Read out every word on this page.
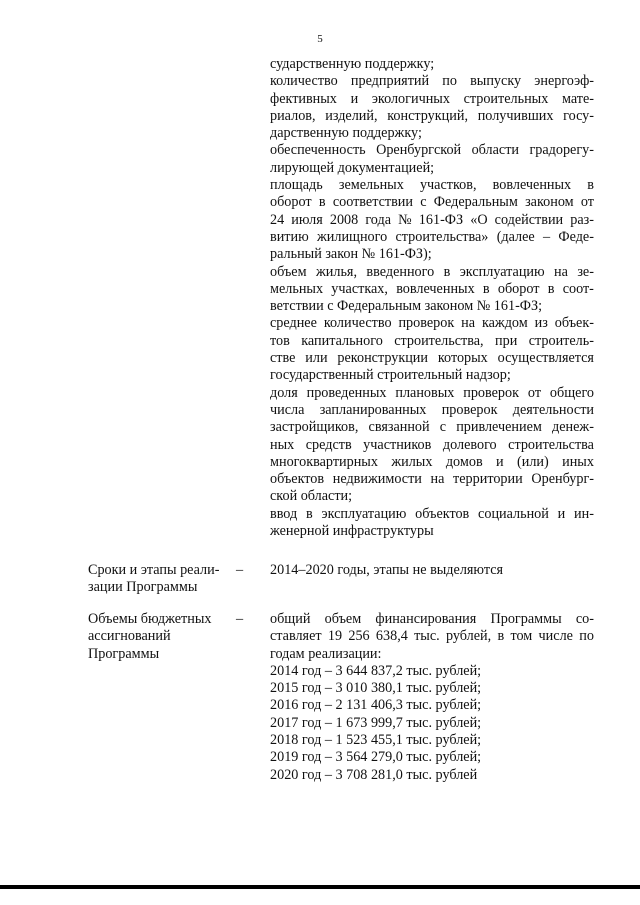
5
сударственную поддержку;
количество предприятий по выпуску энергоэф-
фективных и экологичных строительных мате-
риалов, изделий, конструкций, получивших госу-
дарственную поддержку;
обеспеченность Оренбургской области градорегу-
лирующей документацией;
площадь земельных участков, вовлеченных в
оборот в соответствии с Федеральным законом от
24 июля 2008 года № 161-ФЗ «О содействии раз-
витию жилищного строительства» (далее – Феде-
ральный закон № 161-ФЗ);
объем жилья, введенного в эксплуатацию на зе-
мельных участках, вовлеченных в оборот в соот-
ветствии с Федеральным законом № 161-ФЗ;
среднее количество проверок на каждом из объек-
тов капитального строительства, при строитель-
стве или реконструкции которых осуществляется
государственный строительный надзор;
доля проведенных плановых проверок от общего
числа запланированных проверок деятельности
застройщиков, связанной с привлечением денеж-
ных средств участников долевого строительства
многоквартирных жилых домов и (или) иных
объектов недвижимости на территории Оренбург-
ской области;
ввод в эксплуатацию объектов социальной и ин-
женерной инфраструктуры
Сроки и этапы реали-
зации Программы
– 2014–2020 годы, этапы не выделяются
Объемы бюджетных
ассигнований
Программы
– общий объем финансирования Программы со-
ставляет 19 256 638,4 тыс. рублей, в том числе по
годам реализации:
2014 год – 3 644 837,2 тыс. рублей;
2015 год – 3 010 380,1 тыс. рублей;
2016 год – 2 131 406,3 тыс. рублей;
2017 год – 1 673 999,7 тыс. рублей;
2018 год – 1 523 455,1 тыс. рублей;
2019 год – 3 564 279,0 тыс. рублей;
2020 год – 3 708 281,0 тыс. рублей
